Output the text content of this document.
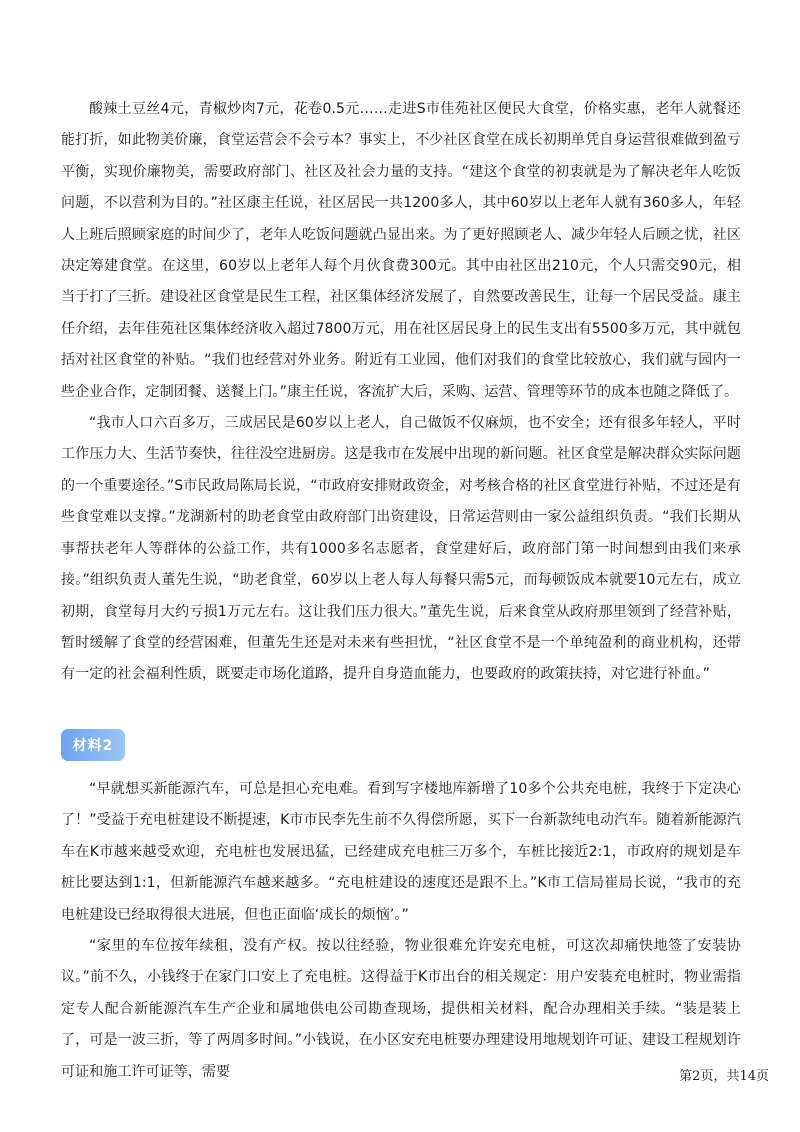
酸辣土豆丝4元，青椒炒肉7元，花卷0.5元……走进S市佳苑社区便民大食堂，价格实惠，老年人就餐还能打折，如此物美价廉，食堂运营会不会亏本？事实上，不少社区食堂在成长初期单凭自身运营很难做到盈亏平衡，实现价廉物美，需要政府部门、社区及社会力量的支持。“建这个食堂的初衷就是为了解决老年人吃饭问题，不以营利为目的。”社区康主任说，社区居民一共1200多人，其中60岁以上老年人就有360多人，年轻人上班后照顾家庭的时间少了，老年人吃饭问题就凸显出来。为了更好照顾老人、减少年轻人后顾之忧，社区决定筹建食堂。在这里，60岁以上老年人每个月伙食费300元。其中由社区出210元，个人只需交90元，相当于打了三折。建设社区食堂是民生工程，社区集体经济发展了，自然要改善民生，让每一个居民受益。康主任介绍，去年佳苑社区集体经济收入超过7800万元，用在社区居民身上的民生支出有5500多万元，其中就包括对社区食堂的补贴。“我们也经营对外业务。附近有工业园，他们对我们的食堂比较放心，我们就与园内一些企业合作，定制团餐、送餐上门。”康主任说，客流扩大后，采购、运营、管理等环节的成本也随之降低了。

“我市人口六百多万，三成居民是60岁以上老人，自己做饭不仅麻烦，也不安全；还有很多年轻人，平时工作压力大、生活节奏快，往往没空进厨房。这是我市在发展中出现的新问题。社区食堂是解决群众实际问题的一个重要途径。”S市民政局陈局长说，“市政府安排财政资金，对考核合格的社区食堂进行补贴，不过还是有些食堂难以支撑。”龙湖新村的助老食堂由政府部门出资建设，日常运营则由一家公益组织负责。“我们长期从事帮扶老年人等群体的公益工作，共有1000多名志愿者，食堂建好后，政府部门第一时间想到由我们来承接。”组织负责人董先生说，“助老食堂，60岁以上老人每人每餐只需5元，而每顿饭成本就要10元左右，成立初期，食堂每月大约亏损1万元左右。这让我们压力很大。”董先生说，后来食堂从政府那里领到了经营补贴，暂时缓解了食堂的经营困难，但董先生还是对未来有些担忧，“社区食堂不是一个单纯盈利的商业机构，还带有一定的社会福利性质，既要走市场化道路，提升自身造血能力，也要政府的政策扶持，对它进行补血。”

材料2

“早就想买新能源汽车，可总是担心充电难。看到写字楼地库新增了10多个公共充电桩，我终于下定决心了！”受益于充电桩建设不断提速，K市市民李先生前不久得偿所愿，买下一台新款纯电动汽车。随着新能源汽车在K市越来越受欢迎，充电桩也发展迅猛，已经建成充电桩三万多个，车桩比接近2:1，市政府的规划是车桩比要达到1:1，但新能源汽车越来越多。“充电桩建设的速度还是跟不上。”K市工信局崔局长说，“我市的充电桩建设已经取得很大进展，但也正面临‘成长的烦恼’。”

“家里的车位按年续租，没有产权。按以往经验，物业很难允许安充电桩，可这次却痛快地签了安装协议。”前不久，小钱终于在家门口安上了充电桩。这得益于K市出台的相关规定：用户安装充电桩时，物业需指定专人配合新能源汽车生产企业和属地供电公司勘查现场，提供相关材料，配合办理相关手续。“装是装上了，可是一波三折，等了两周多时间。”小钱说，在小区安充电桩要办理建设用地规划许可证、建设工程规划许可证和施工许可证等，需要	第2页，共14页
